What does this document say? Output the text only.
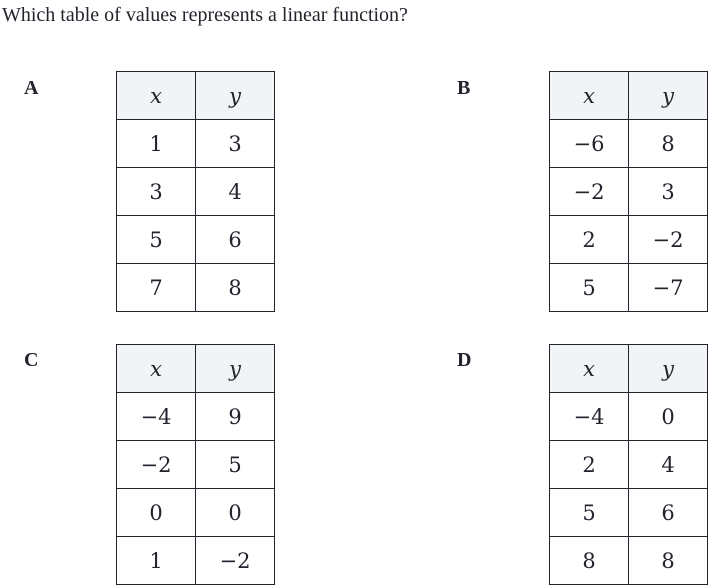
Which table of values represents a linear function?
A	x	y
1	3
3	4
5	6
7	8
B	x	y
−6	8
−2	3
2	−2
5	−7
C	x	y
−4	9
−2	5
0	0
1	−2
D	x	y
−4	0
2	4
5	6
8	8
